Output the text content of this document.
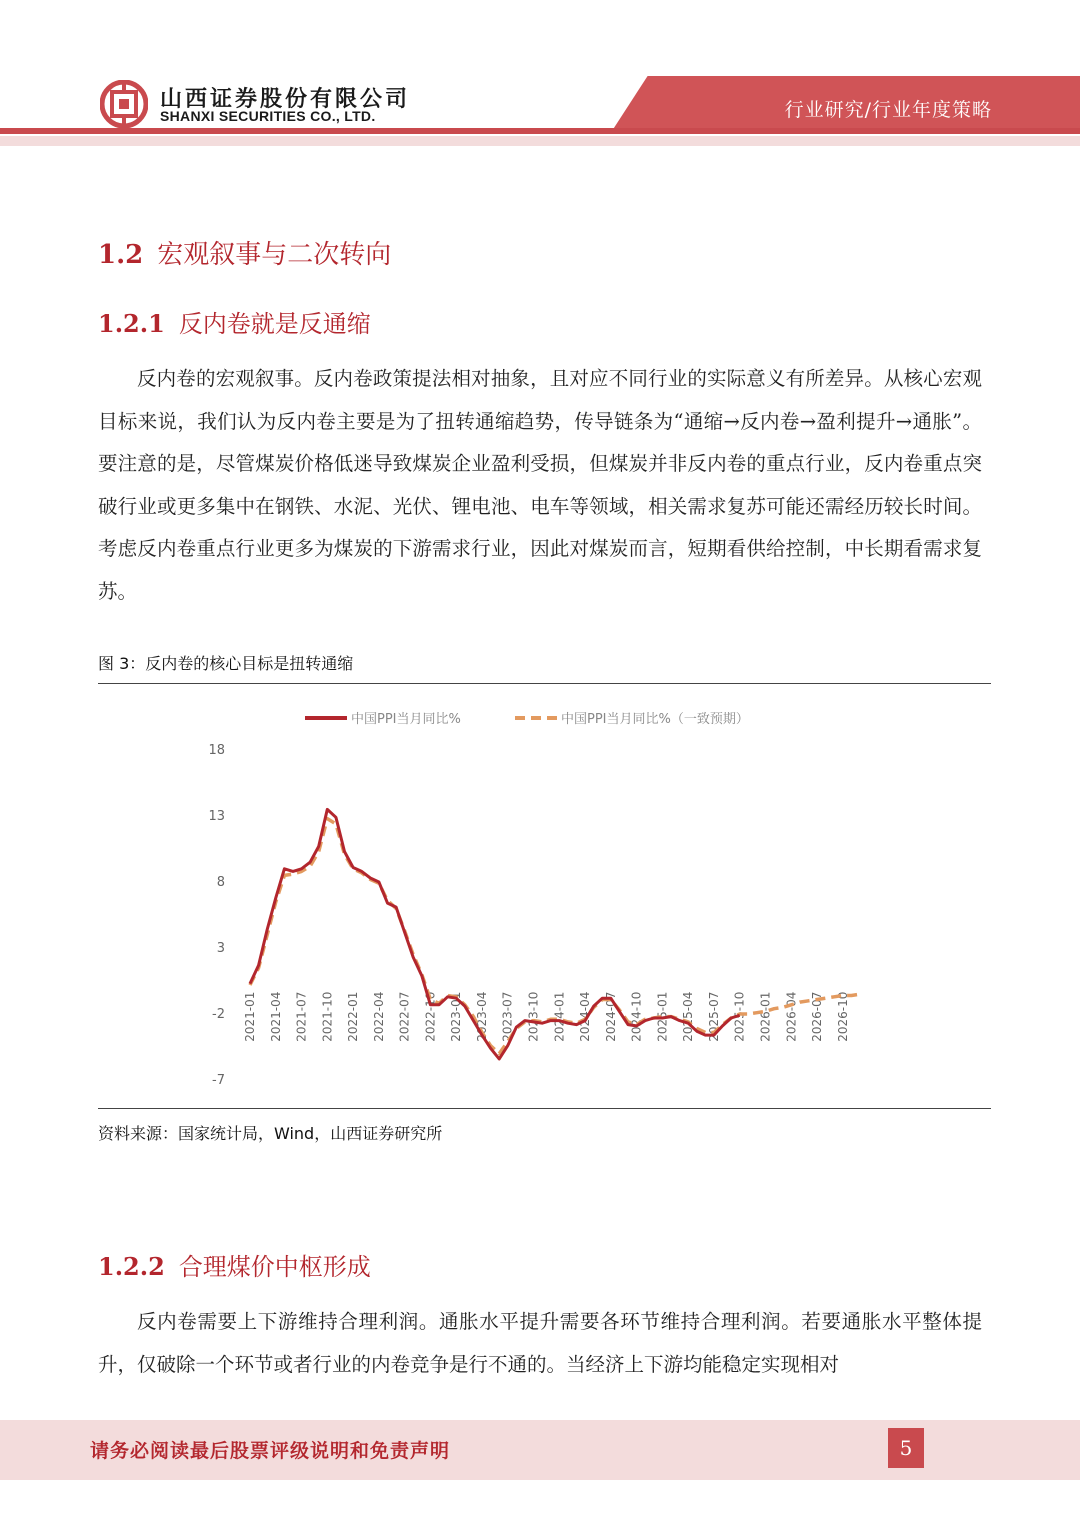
山西证券股份有限公司
SHANXI SECURITIES CO., LTD.	行业研究/行业年度策略
1.2 宏观叙事与二次转向
1.2.1 反内卷就是反通缩
反内卷的宏观叙事。反内卷政策提法相对抽象，且对应不同行业的实际意义有所差异。从核心宏观目标来说，我们认为反内卷主要是为了扭转通缩趋势，传导链条为“通缩→反内卷→盈利提升→通胀”。要注意的是，尽管煤炭价格低迷导致煤炭企业盈利受损，但煤炭并非反内卷的重点行业，反内卷重点突破行业或更多集中在钢铁、水泥、光伏、锂电池、电车等领域，相关需求复苏可能还需经历较长时间。考虑反内卷重点行业更多为煤炭的下游需求行业，因此对煤炭而言，短期看供给控制，中长期看需求复苏。
图 3：反内卷的核心目标是扭转通缩
18
13
8
3
-2
-7
2021-01 2021-04 2021-07 2021-10 2022-01 2022-04 2022-07 2022-10 2023-01 2023-04 2023-07 2023-10 2024-01 2024-04 2024-07 2024-10 2025-01 2025-04 2025-07 2025-10 2026-01 2026-04 2026-07 2026-10
中国PPI当月同比%	中国PPI当月同比%（一致预期）
资料来源：国家统计局，Wind，山西证券研究所
1.2.2 合理煤价中枢形成
反内卷需要上下游维持合理利润。通胀水平提升需要各环节维持合理利润。若要通胀水平整体提升，仅破除一个环节或者行业的内卷竞争是行不通的。当经济上下游均能稳定实现相对
请务必阅读最后股票评级说明和免责声明	5
